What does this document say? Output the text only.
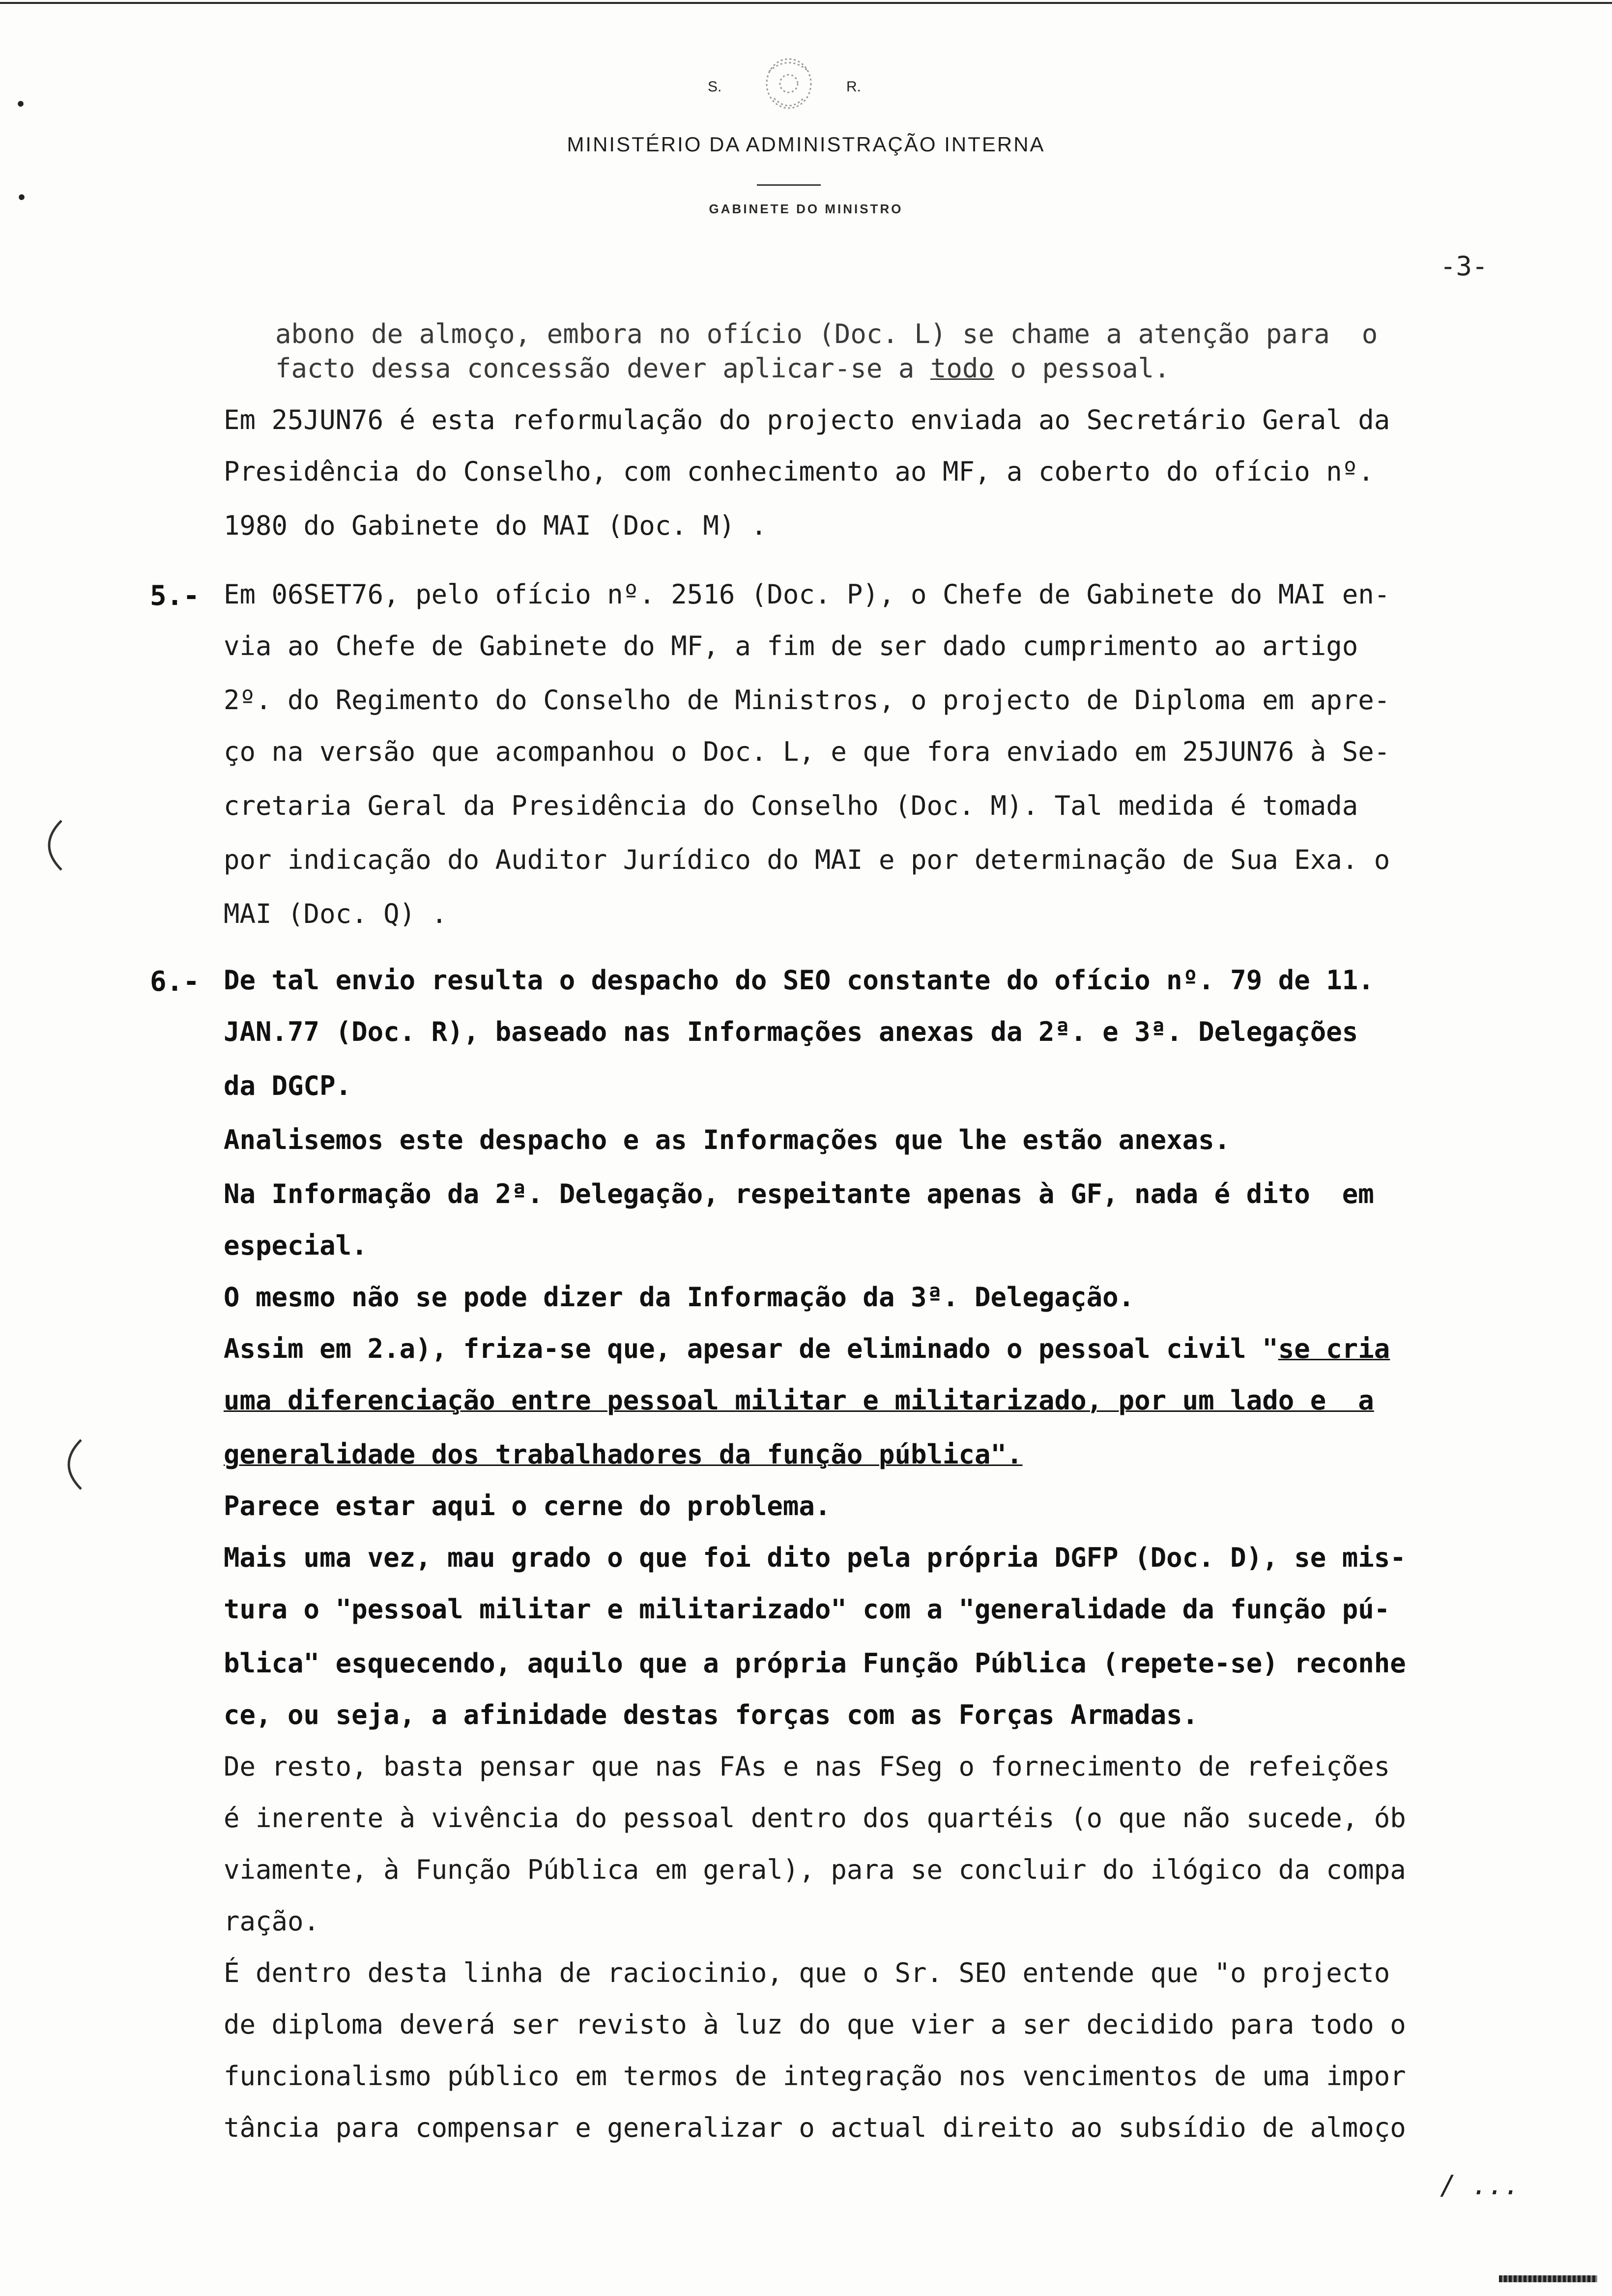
S.	R.
MINISTÉRIO DA ADMINISTRAÇÃO INTERNA
GABINETE DO MINISTRO
-3-
•
•
abono de almoço, embora no ofício (Doc. L) se chame a atenção para  o
facto dessa concessão dever aplicar-se a todo o pessoal.
Em 25JUN76 é esta reformulação do projecto enviada ao Secretário Geral da
Presidência do Conselho, com conhecimento ao MF, a coberto do ofício nº.
1980 do Gabinete do MAI (Doc. M) .
5.- Em 06SET76, pelo ofício nº. 2516 (Doc. P), o Chefe de Gabinete do MAI en-
via ao Chefe de Gabinete do MF, a fim de ser dado cumprimento ao artigo
2º. do Regimento do Conselho de Ministros, o projecto de Diploma em apre-
ço na versão que acompanhou o Doc. L, e que fora enviado em 25JUN76 à Se-
cretaria Geral da Presidência do Conselho (Doc. M). Tal medida é tomada
por indicação do Auditor Jurídico do MAI e por determinação de Sua Exa. o
MAI (Doc. Q) .
6.- De tal envio resulta o despacho do SEO constante do ofício nº. 79 de 11.
JAN.77 (Doc. R), baseado nas Informações anexas da 2ª. e 3ª. Delegações
da DGCP.
Analisemos este despacho e as Informações que lhe estão anexas.
Na Informação da 2ª. Delegação, respeitante apenas à GF, nada é dito  em
especial.
O mesmo não se pode dizer da Informação da 3ª. Delegação.
Assim em 2.a), friza-se que, apesar de eliminado o pessoal civil "se cria
uma diferenciação entre pessoal militar e militarizado, por um lado e  a
generalidade dos trabalhadores da função pública".
Parece estar aqui o cerne do problema.
Mais uma vez, mau grado o que foi dito pela própria DGFP (Doc. D), se mis-
tura o "pessoal militar e militarizado" com a "generalidade da função pú-
blica" esquecendo, aquilo que a própria Função Pública (repete-se) reconhe
ce, ou seja, a afinidade destas forças com as Forças Armadas.
De resto, basta pensar que nas FAs e nas FSeg o fornecimento de refeições
é inerente à vivência do pessoal dentro dos quartéis (o que não sucede, ób
viamente, à Função Pública em geral), para se concluir do ilógico da compa
ração.
É dentro desta linha de raciocinio, que o Sr. SEO entende que "o projecto
de diploma deverá ser revisto à luz do que vier a ser decidido para todo o
funcionalismo público em termos de integração nos vencimentos de uma impor
tância para compensar e generalizar o actual direito ao subsídio de almoço
/ ...
